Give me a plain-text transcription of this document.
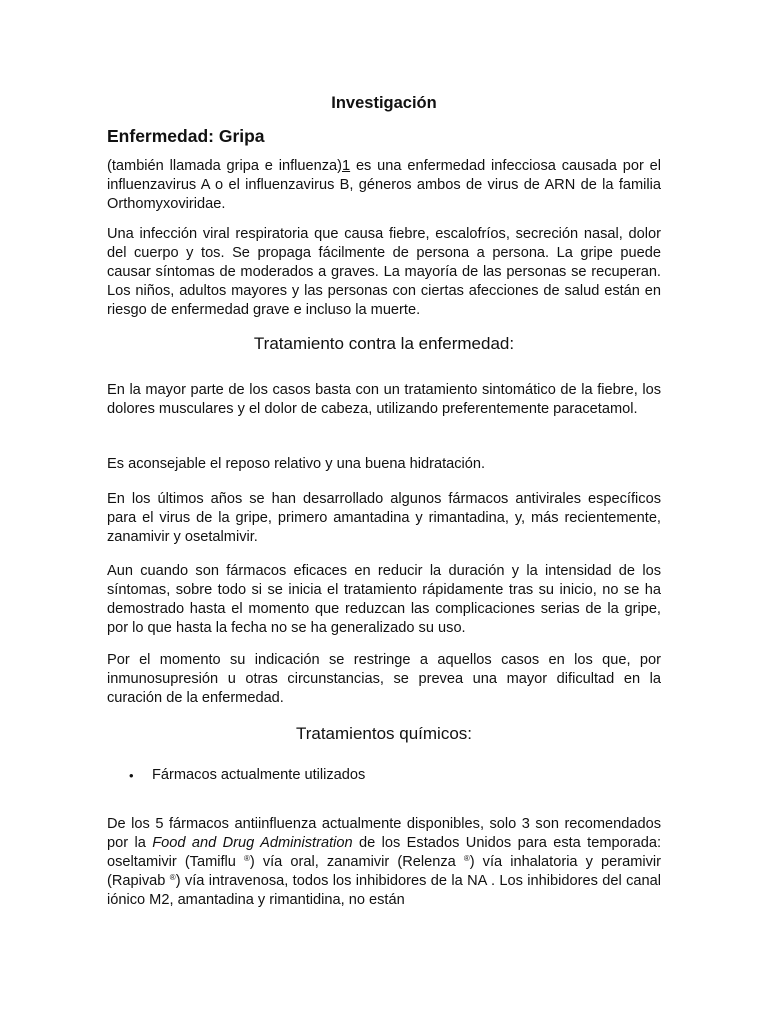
Investigación
Enfermedad: Gripa

(también llamada gripa e influenza)1 es una enfermedad infecciosa causada por el influenzavirus A o el influenzavirus B, géneros ambos de virus de ARN de la familia Orthomyxoviridae.

Una infección viral respiratoria que causa fiebre, escalofríos, secreción nasal, dolor del cuerpo y tos. Se propaga fácilmente de persona a persona. La gripe puede causar síntomas de moderados a graves. La mayoría de las personas se recuperan. Los niños, adultos mayores y las personas con ciertas afecciones de salud están en riesgo de enfermedad grave e incluso la muerte.

Tratamiento contra la enfermedad:

En la mayor parte de los casos basta con un tratamiento sintomático de la fiebre, los dolores musculares y el dolor de cabeza, utilizando preferentemente paracetamol.

Es aconsejable el reposo relativo y una buena hidratación.

En los últimos años se han desarrollado algunos fármacos antivirales específicos para el virus de la gripe, primero amantadina y rimantadina, y, más recientemente, zanamivir y osetalmivir.

Aun cuando son fármacos eficaces en reducir la duración y la intensidad de los síntomas, sobre todo si se inicia el tratamiento rápidamente tras su inicio, no se ha demostrado hasta el momento que reduzcan las complicaciones serias de la gripe, por lo que hasta la fecha no se ha generalizado su uso.

Por el momento su indicación se restringe a aquellos casos en los que, por inmunosupresión u otras circunstancias, se prevea una mayor dificultad en la curación de la enfermedad.

Tratamientos químicos:
•	Fármacos actualmente utilizados

De los 5 fármacos antiinfluenza actualmente disponibles, solo 3 son recomendados por la Food and Drug Administration de los Estados Unidos para esta temporada: oseltamivir (Tamiflu ®) vía oral, zanamivir (Relenza ®) vía inhalatoria y peramivir (Rapivab ®) vía intravenosa, todos los inhibidores de la NA . Los inhibidores del canal iónico M2, amantadina y rimantidina, no están
